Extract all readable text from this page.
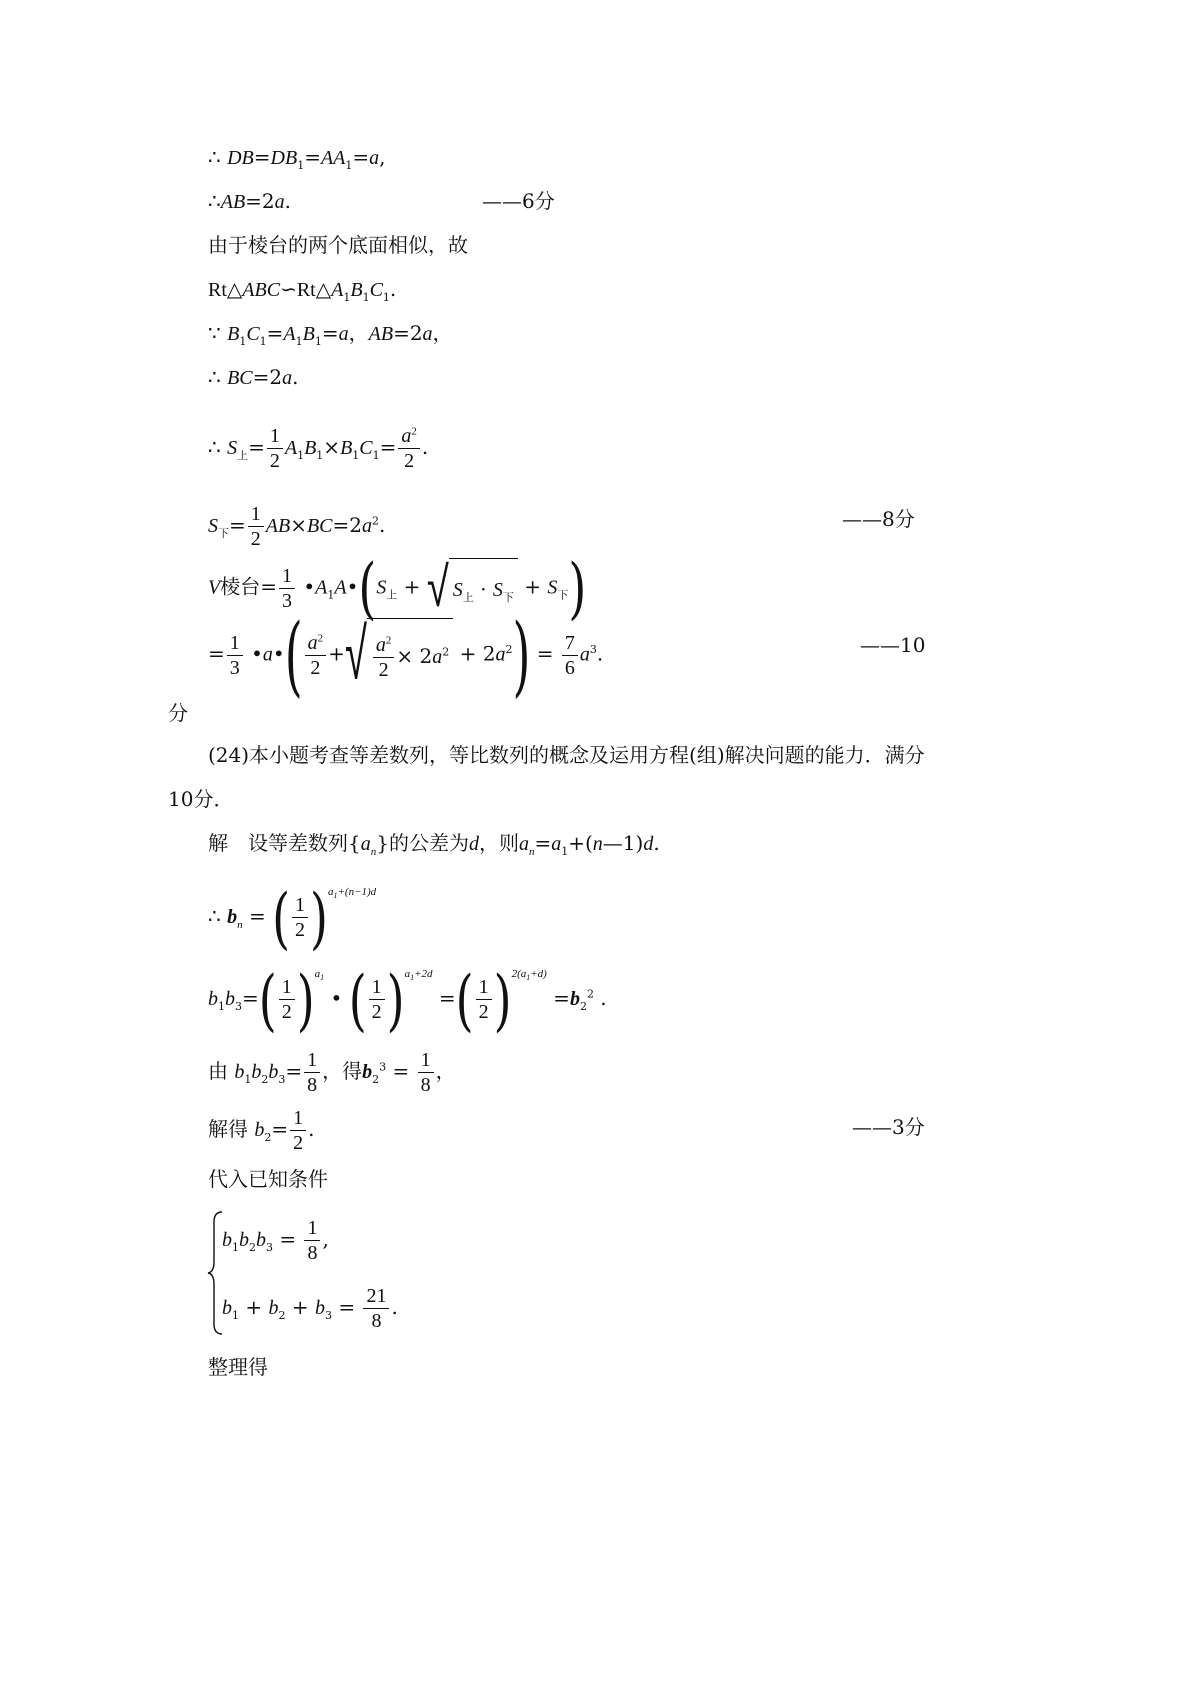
∴ $DB=DB_1=AA_1=a$,
∴AB=2a.	——6分
由于棱台的两个底面相似，故
$Rt\triangle ABC∽Rt\triangle A_1B_1C_1$.
∵ $B_1C_1=A_1B_1=a$，AB=2a，
∴ BC=2a.
∴ $S_上= \frac{1}{2} A_1B_1\times B_1C_1= \frac{a^2}{2}$ .
$S_下= \frac{1}{2} AB\times BC=2a^2$.	——8分
V棱台= $\frac{1}{3}$ $•A_1A•(S_上$ + √ $S_上 \cdot S_下 + S_下$)
= $\frac{1}{3}$ •a•( $\frac{a^2}{2}$ +√ $\frac{a^2}{2} \times 2a^2 + 2a^2) = \frac{7}{6} a^3$.	——10
分
(24)本小题考查等差数列，等比数列的概念及运用方程(组)解决问题的能力．满分
10分．
解　设等差数列$\{a_n\}$的公差为d，则$a_n=a_1+(n—1)d$.
∴ $b_n$ = ( $\frac{1}{2} )^{a_1+(n-1)d}$
$b_1b_3=( \frac{1}{2} )^{a_1}$ • ( $\frac{1}{2} )^{a_1+2d}$ =( $\frac{1}{2} )^{2(a_1+d)} =b_2^2$ .
由 $b_1b_2b_3= \frac{1}{8}$ ，得$b_2^3 = \frac{1}{8}$ ，
解得 $b_2= \frac{1}{2}$ .	——3分
代入已知条件
$b_1b_2b_3 = \frac{1}{8}$ ,
$b_1 + b_2 + b_3 = \frac{21}{8}$ .
整理得
